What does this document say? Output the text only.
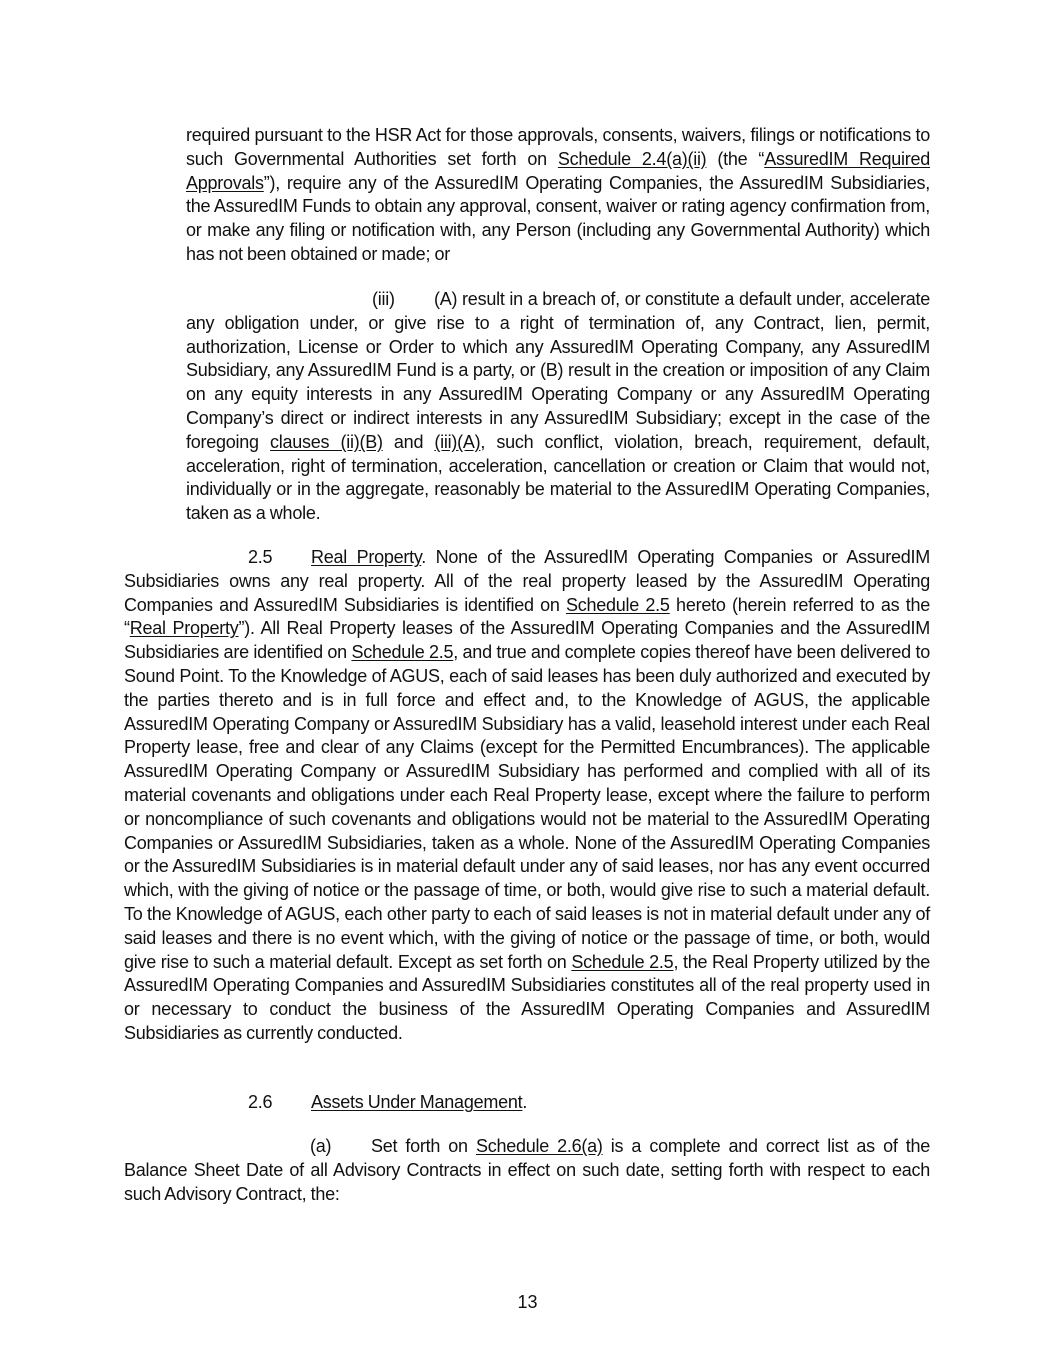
required pursuant to the HSR Act for those approvals, consents, waivers, filings or notifications to such Governmental Authorities set forth on Schedule 2.4(a)(ii) (the “AssuredIM Required Approvals”), require any of the AssuredIM Operating Companies, the AssuredIM Subsidiaries, the AssuredIM Funds to obtain any approval, consent, waiver or rating agency confirmation from, or make any filing or notification with, any Person (including any Governmental Authority) which has not been obtained or made; or

(iii) (A) result in a breach of, or constitute a default under, accelerate any obligation under, or give rise to a right of termination of, any Contract, lien, permit, authorization, License or Order to which any AssuredIM Operating Company, any AssuredIM Subsidiary, any AssuredIM Fund is a party, or (B) result in the creation or imposition of any Claim on any equity interests in any AssuredIM Operating Company or any AssuredIM Operating Company’s direct or indirect interests in any AssuredIM Subsidiary; except in the case of the foregoing clauses (ii)(B) and (iii)(A), such conflict, violation, breach, requirement, default, acceleration, right of termination, acceleration, cancellation or creation or Claim that would not, individually or in the aggregate, reasonably be material to the AssuredIM Operating Companies, taken as a whole.

2.5 Real Property. None of the AssuredIM Operating Companies or AssuredIM Subsidiaries owns any real property. All of the real property leased by the AssuredIM Operating Companies and AssuredIM Subsidiaries is identified on Schedule 2.5 hereto (herein referred to as the “Real Property”). All Real Property leases of the AssuredIM Operating Companies and the AssuredIM Subsidiaries are identified on Schedule 2.5, and true and complete copies thereof have been delivered to Sound Point. To the Knowledge of AGUS, each of said leases has been duly authorized and executed by the parties thereto and is in full force and effect and, to the Knowledge of AGUS, the applicable AssuredIM Operating Company or AssuredIM Subsidiary has a valid, leasehold interest under each Real Property lease, free and clear of any Claims (except for the Permitted Encumbrances). The applicable AssuredIM Operating Company or AssuredIM Subsidiary has performed and complied with all of its material covenants and obligations under each Real Property lease, except where the failure to perform or noncompliance of such covenants and obligations would not be material to the AssuredIM Operating Companies or AssuredIM Subsidiaries, taken as a whole. None of the AssuredIM Operating Companies or the AssuredIM Subsidiaries is in material default under any of said leases, nor has any event occurred which, with the giving of notice or the passage of time, or both, would give rise to such a material default. To the Knowledge of AGUS, each other party to each of said leases is not in material default under any of said leases and there is no event which, with the giving of notice or the passage of time, or both, would give rise to such a material default. Except as set forth on Schedule 2.5, the Real Property utilized by the AssuredIM Operating Companies and AssuredIM Subsidiaries constitutes all of the real property used in or necessary to conduct the business of the AssuredIM Operating Companies and AssuredIM Subsidiaries as currently conducted.

2.6 Assets Under Management.

(a) Set forth on Schedule 2.6(a) is a complete and correct list as of the Balance Sheet Date of all Advisory Contracts in effect on such date, setting forth with respect to each such Advisory Contract, the:

13
